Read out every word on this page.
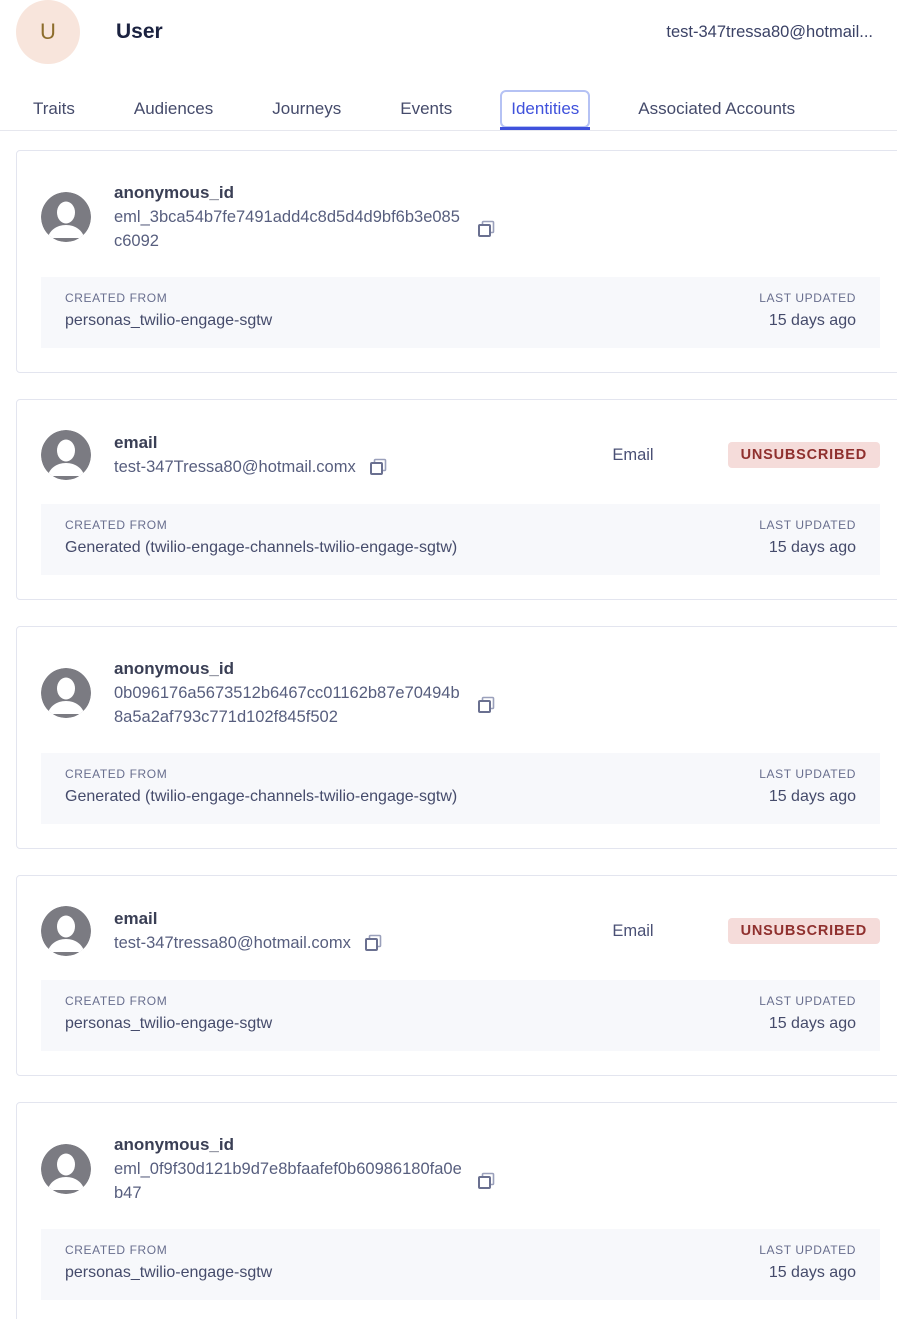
U	User	test-347tressa80@hotmail...
Traits	Audiences	Journeys	Events	Identities	Associated Accounts
anonymous_id
eml_3bca54b7fe7491add4c8d5d4d9bf6b3e085c6092
CREATED FROM
personas_twilio-engage-sgtw
LAST UPDATED
15 days ago
email
test-347Tressa80@hotmail.comx
Email	UNSUBSCRIBED
CREATED FROM
Generated (twilio-engage-channels-twilio-engage-sgtw)
LAST UPDATED
15 days ago
anonymous_id
0b096176a5673512b6467cc01162b87e70494b8a5a2af793c771d102f845f502
CREATED FROM
Generated (twilio-engage-channels-twilio-engage-sgtw)
LAST UPDATED
15 days ago
email
test-347tressa80@hotmail.comx
Email	UNSUBSCRIBED
CREATED FROM
personas_twilio-engage-sgtw
LAST UPDATED
15 days ago
anonymous_id
eml_0f9f30d121b9d7e8bfaafef0b60986180fa0eb47
CREATED FROM
personas_twilio-engage-sgtw
LAST UPDATED
15 days ago
